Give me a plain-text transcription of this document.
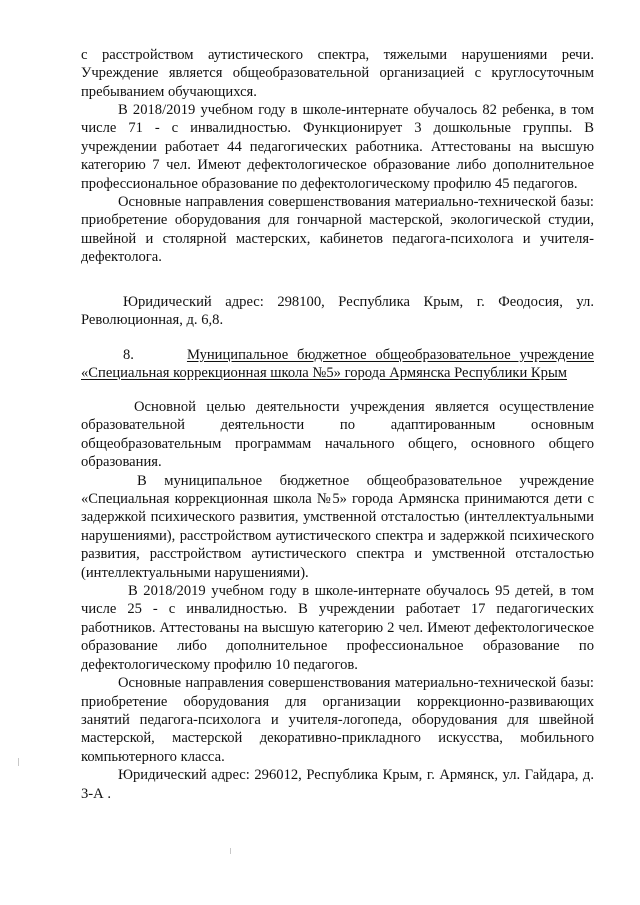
с расстройством аутистического спектра, тяжелыми нарушениями речи.

Учреждение является общеобразовательной организацией с круглосуточным пребыванием обучающихся.

В 2018/2019 учебном году в школе-интернате обучалось 82 ребенка, в том числе 71 - с инвалидностью. Функционирует 3 дошкольные группы. В учреждении работает 44 педагогических работника. Аттестованы на высшую категорию 7 чел. Имеют дефектологическое образование либо дополнительное профессиональное образование по дефектологическому профилю 45 педагогов.

Основные направления совершенствования материально-технической базы: приобретение оборудования для гончарной мастерской, экологической студии, швейной и столярной мастерских, кабинетов педагога-психолога и учителя-дефектолога.

Юридический адрес: 298100, Республика Крым, г. Феодосия, ул. Революционная, д. 6,8.

8.	Муниципальное бюджетное общеобразовательное учреждение
«Специальная коррекционная школа №5» города Армянска Республики Крым

Основной целью деятельности учреждения является осуществление образовательной деятельности по адаптированным основным общеобразовательным программам начального общего, основного общего образования.

В муниципальное бюджетное общеобразовательное учреждение «Специальная коррекционная школа №5» города Армянска принимаются дети с задержкой психического развития, умственной отсталостью (интеллектуальными нарушениями), расстройством аутистического спектра и задержкой психического развития, расстройством аутистического спектра и умственной отсталостью (интеллектуальными нарушениями).

В 2018/2019 учебном году в школе-интернате обучалось 95 детей, в том числе 25 - с инвалидностью. В учреждении работает 17 педагогических работников. Аттестованы на высшую категорию 2 чел. Имеют дефектологическое образование либо дополнительное профессиональное образование по дефектологическому профилю 10 педагогов.

Основные направления совершенствования материально-технической базы: приобретение оборудования для организации коррекционно-развивающих занятий педагога-психолога и учителя-логопеда, оборудования для швейной мастерской, мастерской декоративно-прикладного искусства, мобильного компьютерного класса.

Юридический адрес: 296012, Республика Крым, г. Армянск, ул. Гайдара, д. 3-А .
